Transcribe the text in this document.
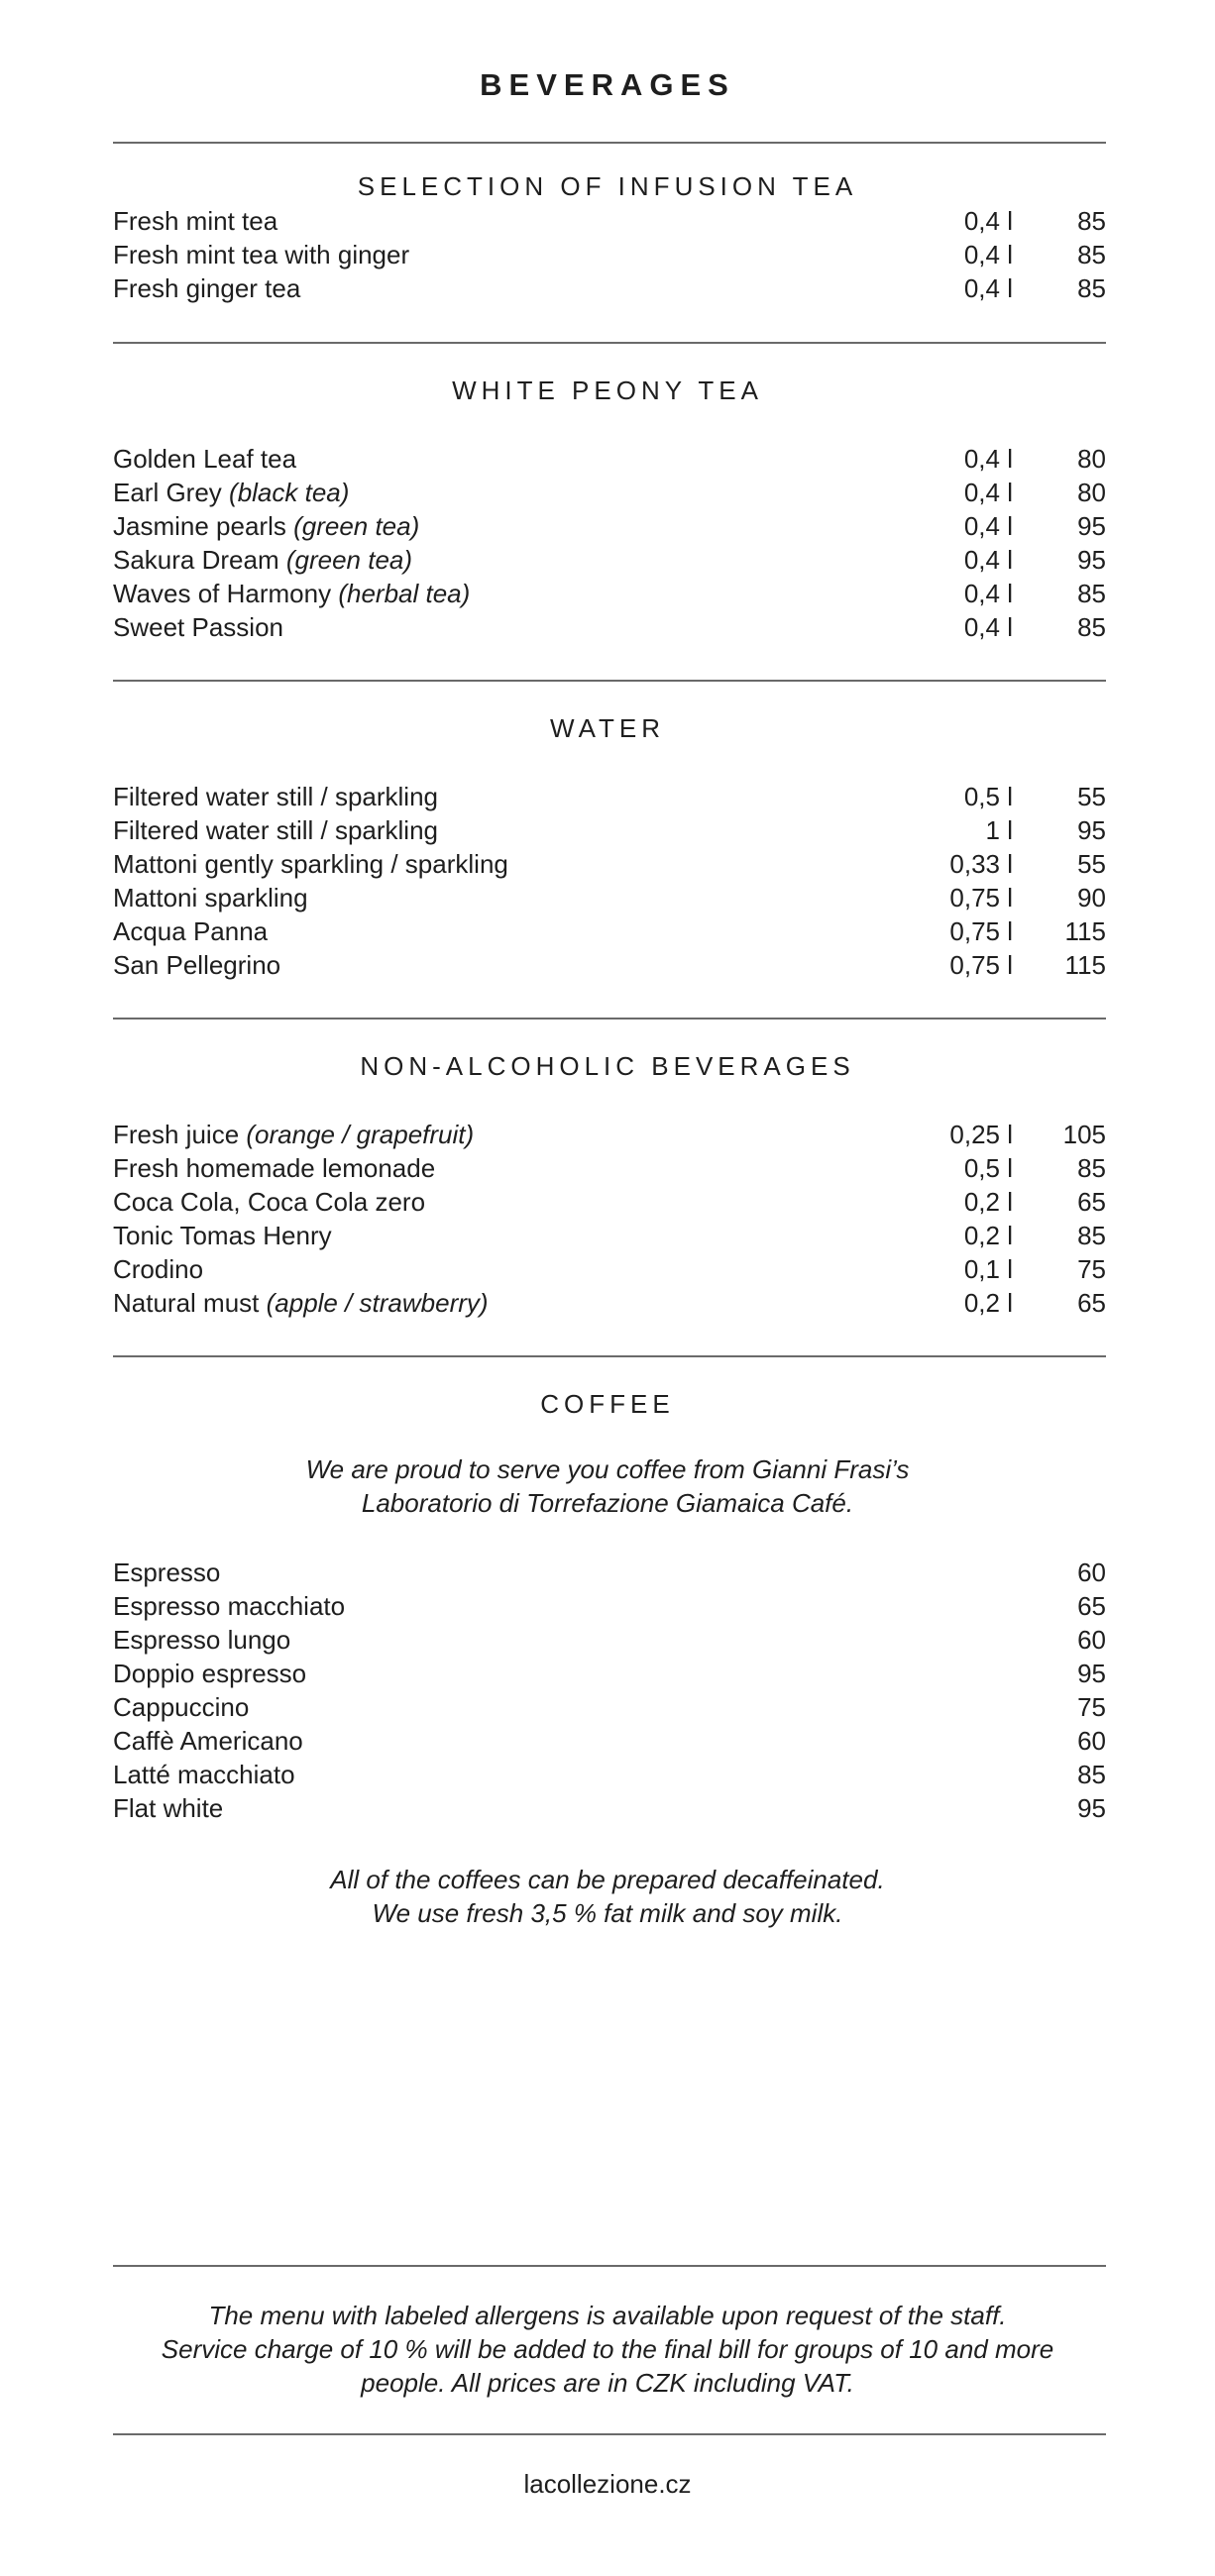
BEVERAGES
SELECTION OF INFUSION TEA
Fresh mint tea	0,4 l	85
Fresh mint tea with ginger	0,4 l	85
Fresh ginger tea	0,4 l	85
WHITE PEONY TEA
Golden Leaf tea	0,4 l	80
Earl Grey (black tea)	0,4 l	80
Jasmine pearls (green tea)	0,4 l	95
Sakura Dream (green tea)	0,4 l	95
Waves of Harmony (herbal tea)	0,4 l	85
Sweet Passion	0,4 l	85
WATER
Filtered water still / sparkling	0,5 l	55
Filtered water still / sparkling	1 l	95
Mattoni gently sparkling / sparkling	0,33 l	55
Mattoni sparkling	0,75 l	90
Acqua Panna	0,75 l	115
San Pellegrino	0,75 l	115
NON-ALCOHOLIC BEVERAGES
Fresh juice (orange / grapefruit)	0,25 l	105
Fresh homemade lemonade	0,5 l	85
Coca Cola, Coca Cola zero	0,2 l	65
Tonic Tomas Henry	0,2 l	85
Crodino	0,1 l	75
Natural must (apple / strawberry)	0,2 l	65
COFFEE
We are proud to serve you coffee from Gianni Frasi’s
Laboratorio di Torrefazione Giamaica Café.
Espresso	60
Espresso macchiato	65
Espresso lungo	60
Doppio espresso	95
Cappuccino	75
Caffè Americano	60
Latté macchiato	85
Flat white	95
All of the coffees can be prepared decaffeinated.
We use fresh 3,5 % fat milk and soy milk.
The menu with labeled allergens is available upon request of the staff.
Service charge of 10 % will be added to the final bill for groups of 10 and more
people. All prices are in CZK including VAT.
lacollezione.cz
